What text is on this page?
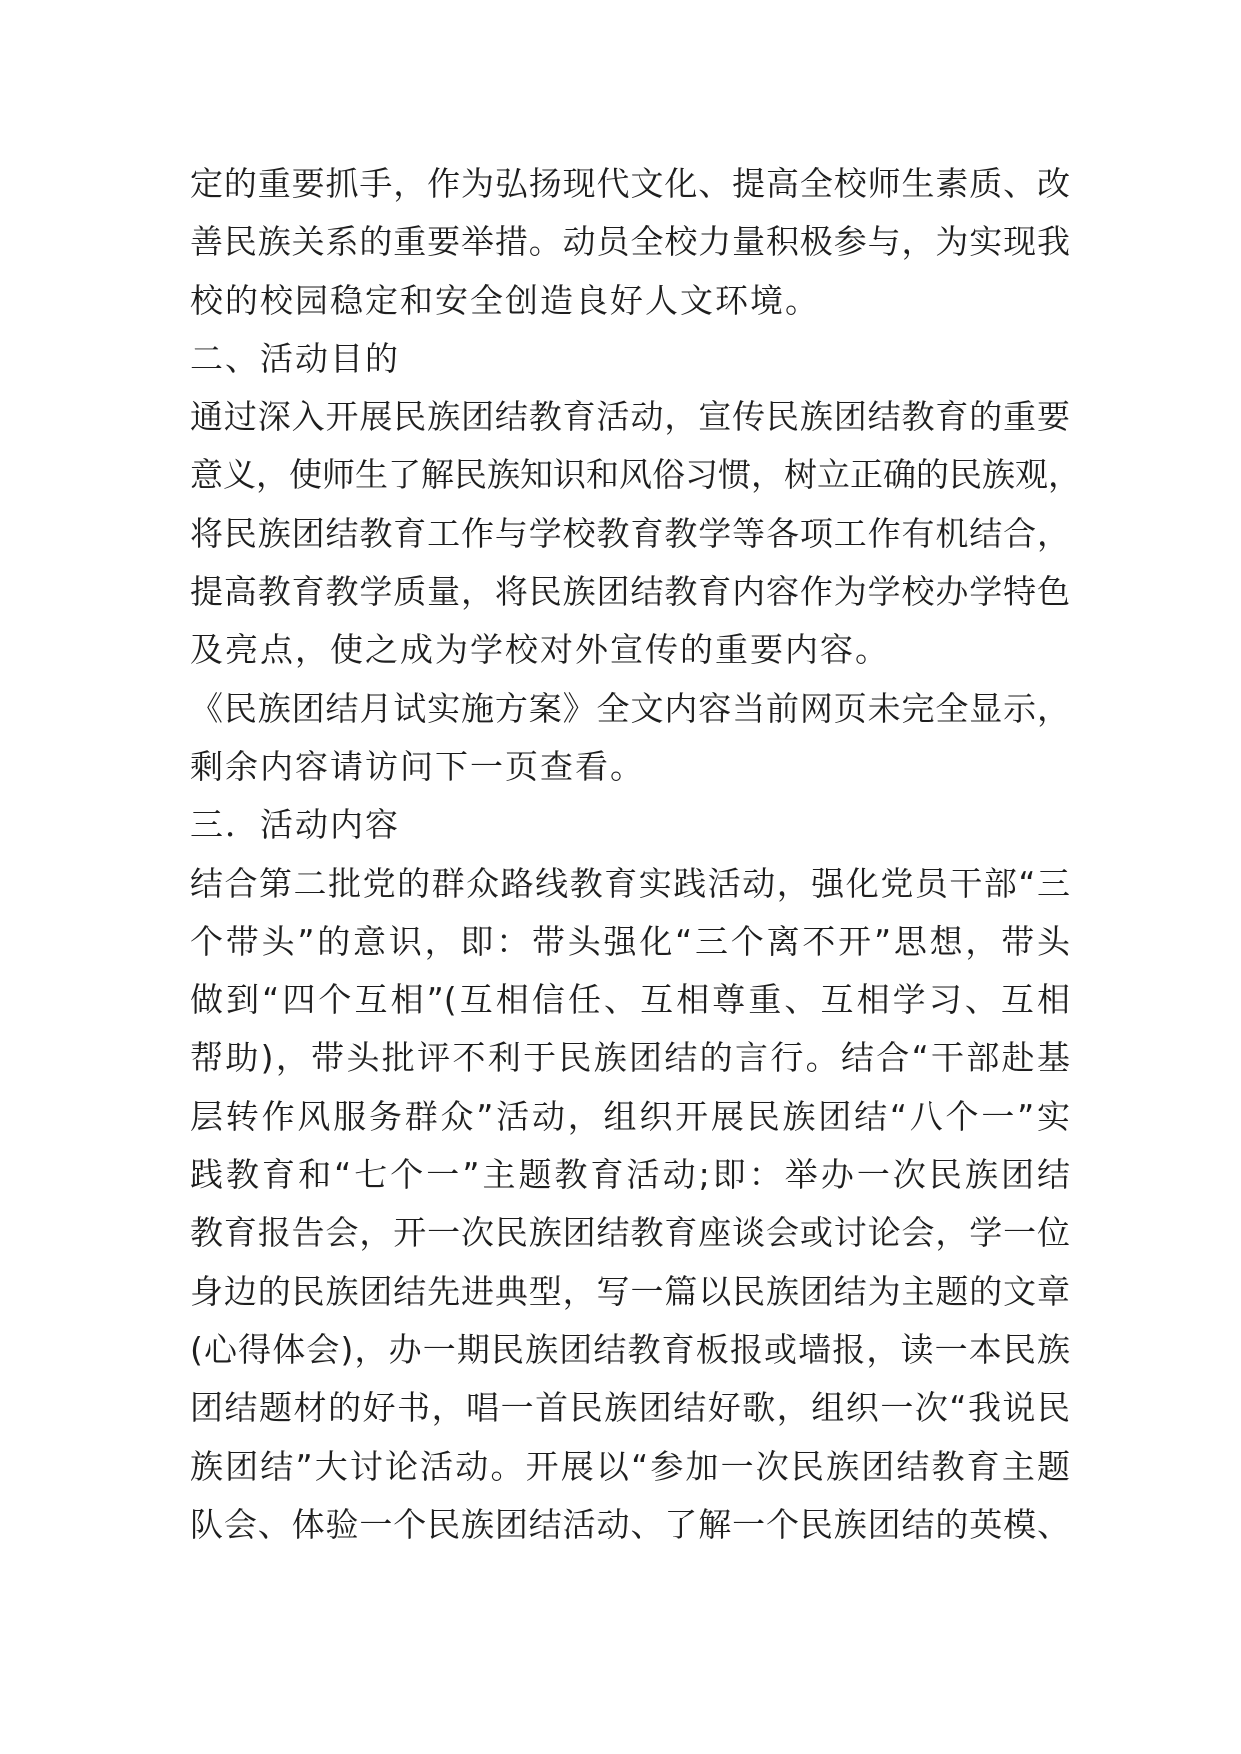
定的重要抓手，作为弘扬现代文化、提高全校师生素质、改
善民族关系的重要举措。动员全校力量积极参与，为实现我
校的校园稳定和安全创造良好人文环境。
二、活动目的
通过深入开展民族团结教育活动，宣传民族团结教育的重要
意义，使师生了解民族知识和风俗习惯，树立正确的民族观，
将民族团结教育工作与学校教育教学等各项工作有机结合，
提高教育教学质量，将民族团结教育内容作为学校办学特色
及亮点，使之成为学校对外宣传的重要内容。
《民族团结月试实施方案》全文内容当前网页未完全显示，
剩余内容请访问下一页查看。
三．活动内容
结合第二批党的群众路线教育实践活动，强化党员干部“三
个带头”的意识，即：带头强化“三个离不开”思想，带头
做到“四个互相”(互相信任、互相尊重、互相学习、互相
帮助)，带头批评不利于民族团结的言行。结合“干部赴基
层转作风服务群众”活动，组织开展民族团结“八个一”实
践教育和“七个一”主题教育活动;即：举办一次民族团结
教育报告会，开一次民族团结教育座谈会或讨论会，学一位
身边的民族团结先进典型，写一篇以民族团结为主题的文章
(心得体会)，办一期民族团结教育板报或墙报，读一本民族
团结题材的好书，唱一首民族团结好歌，组织一次“我说民
族团结”大讨论活动。开展以“参加一次民族团结教育主题
队会、体验一个民族团结活动、了解一个民族团结的英模、
